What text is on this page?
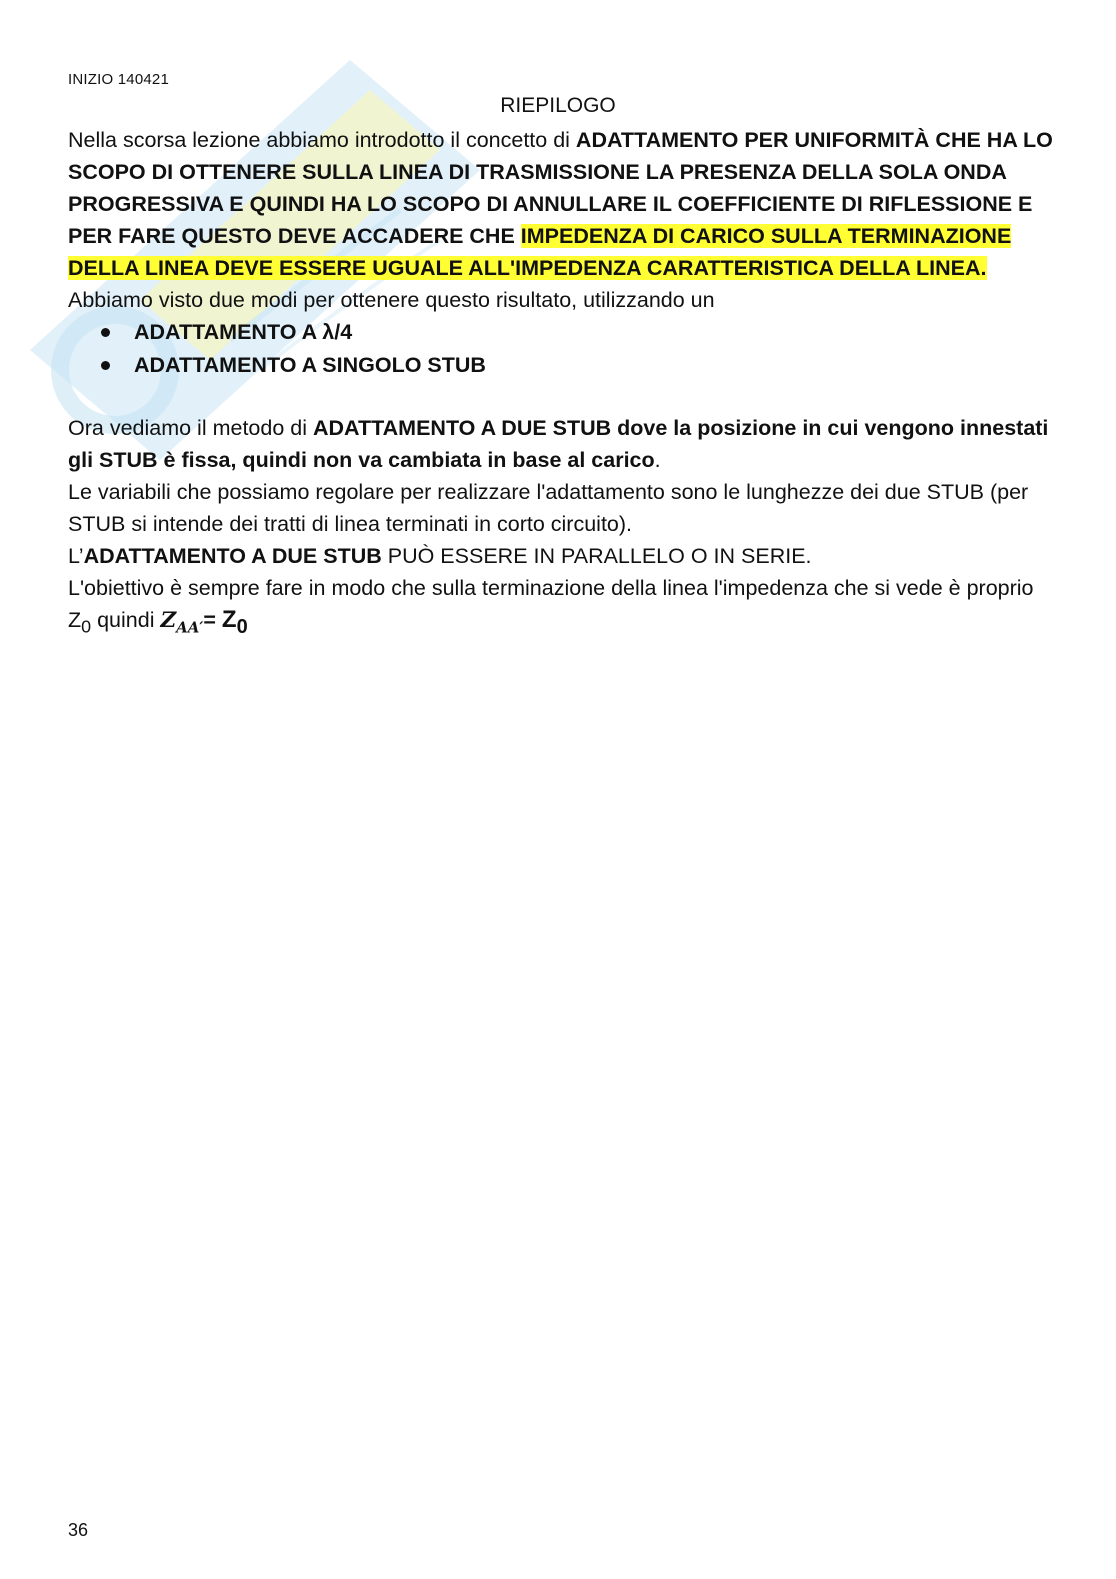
INIZIO 140421
RIEPILOGO

Nella scorsa lezione abbiamo introdotto il concetto di ADATTAMENTO PER UNIFORMITÀ CHE HA LO SCOPO DI OTTENERE SULLA LINEA DI TRASMISSIONE LA PRESENZA DELLA SOLA ONDA PROGRESSIVA E QUINDI HA LO SCOPO DI ANNULLARE IL COEFFICIENTE DI RIFLESSIONE E PER FARE QUESTO DEVE ACCADERE CHE IMPEDENZA DI CARICO SULLA TERMINAZIONE DELLA LINEA DEVE ESSERE UGUALE ALL'IMPEDENZA CARATTERISTICA DELLA LINEA.

Abbiamo visto due modi per ottenere questo risultato, utilizzando un

ADATTAMENTO A λ/4
ADATTAMENTO A SINGOLO STUB

Ora vediamo il metodo di ADATTAMENTO A DUE STUB dove la posizione in cui vengono innestati gli STUB è fissa, quindi non va cambiata in base al carico.

Le variabili che possiamo regolare per realizzare l'adattamento sono le lunghezze dei due STUB (per STUB si intende dei tratti di linea terminati in corto circuito).

L’ADATTAMENTO A DUE STUB PUÒ ESSERE IN PARALLELO O IN SERIE.

L'obiettivo è sempre fare in modo che sulla terminazione della linea l'impedenza che si vede è proprio $Z_0$ quindi $Z_{AA'}= Z_0$

36
